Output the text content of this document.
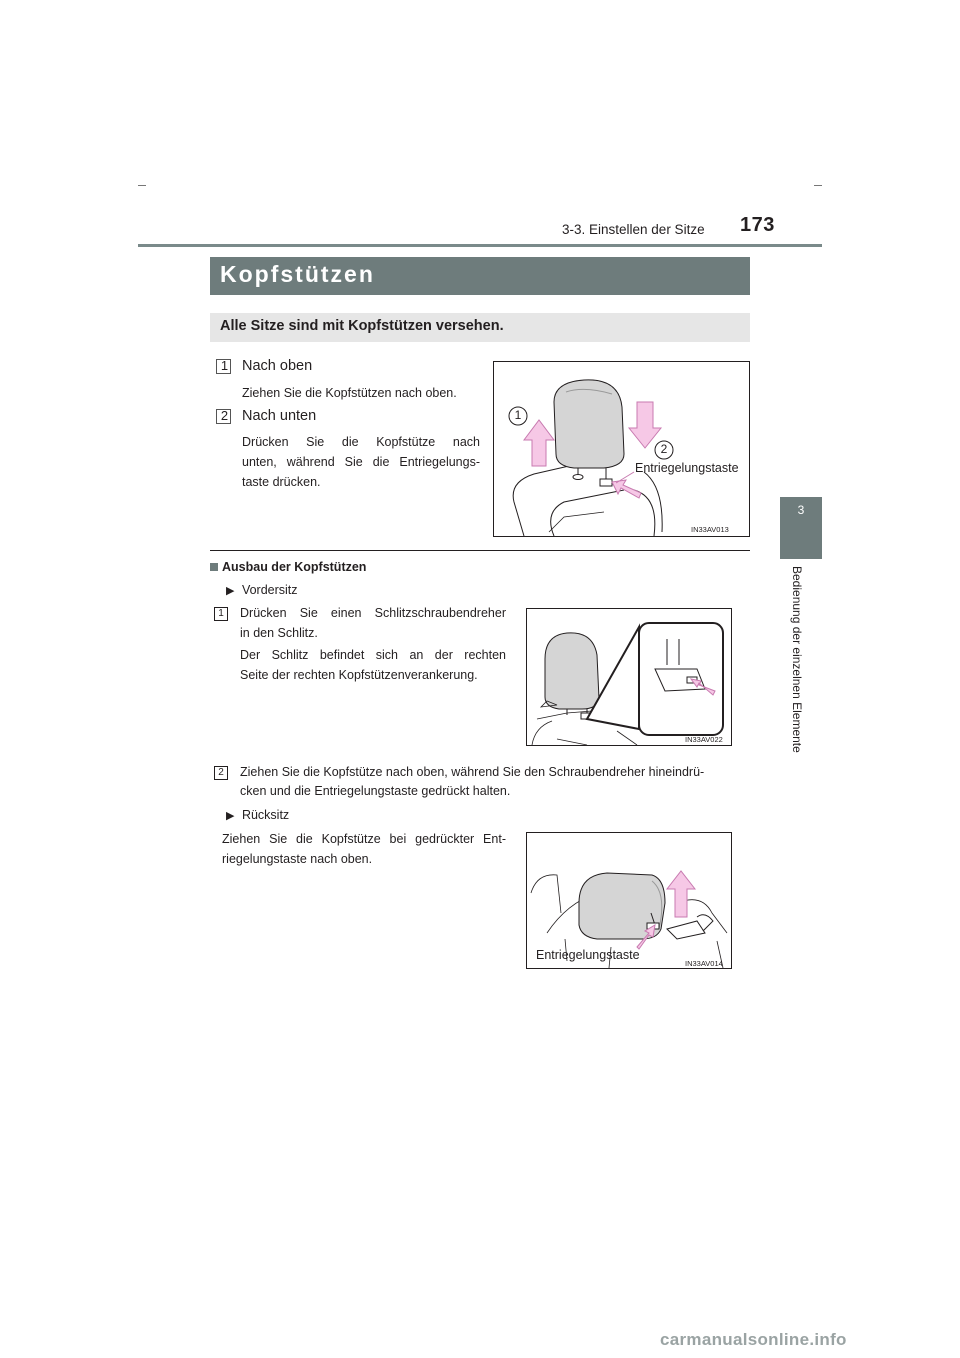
3-3. Einstellen der Sitze 173
3
Bedienung der einzelnen Elemente
Kopfstützen
Alle Sitze sind mit Kopfstützen versehen.
1 Nach oben
Ziehen Sie die Kopfstützen nach oben.
2 Nach unten
Drücken Sie die Kopfstütze nach
unten, während Sie die Entriegelungs-
taste drücken.
1
2
Entriegelungstaste
IN33AV013
Ausbau der Kopfstützen
▶ Vordersitz
1	Drücken Sie einen Schlitzschraubendreher
in den Schlitz.
Der Schlitz befindet sich an der rechten
Seite der rechten Kopfstützenverankerung.
IN33AV022
2	Ziehen Sie die Kopfstütze nach oben, während Sie den Schraubendreher hineindrü-
cken und die Entriegelungstaste gedrückt halten.
▶ Rücksitz
Ziehen Sie die Kopfstütze bei gedrückter Ent-
riegelungstaste nach oben.
Entriegelungstaste
IN33AV014
carmanualsonline.info
